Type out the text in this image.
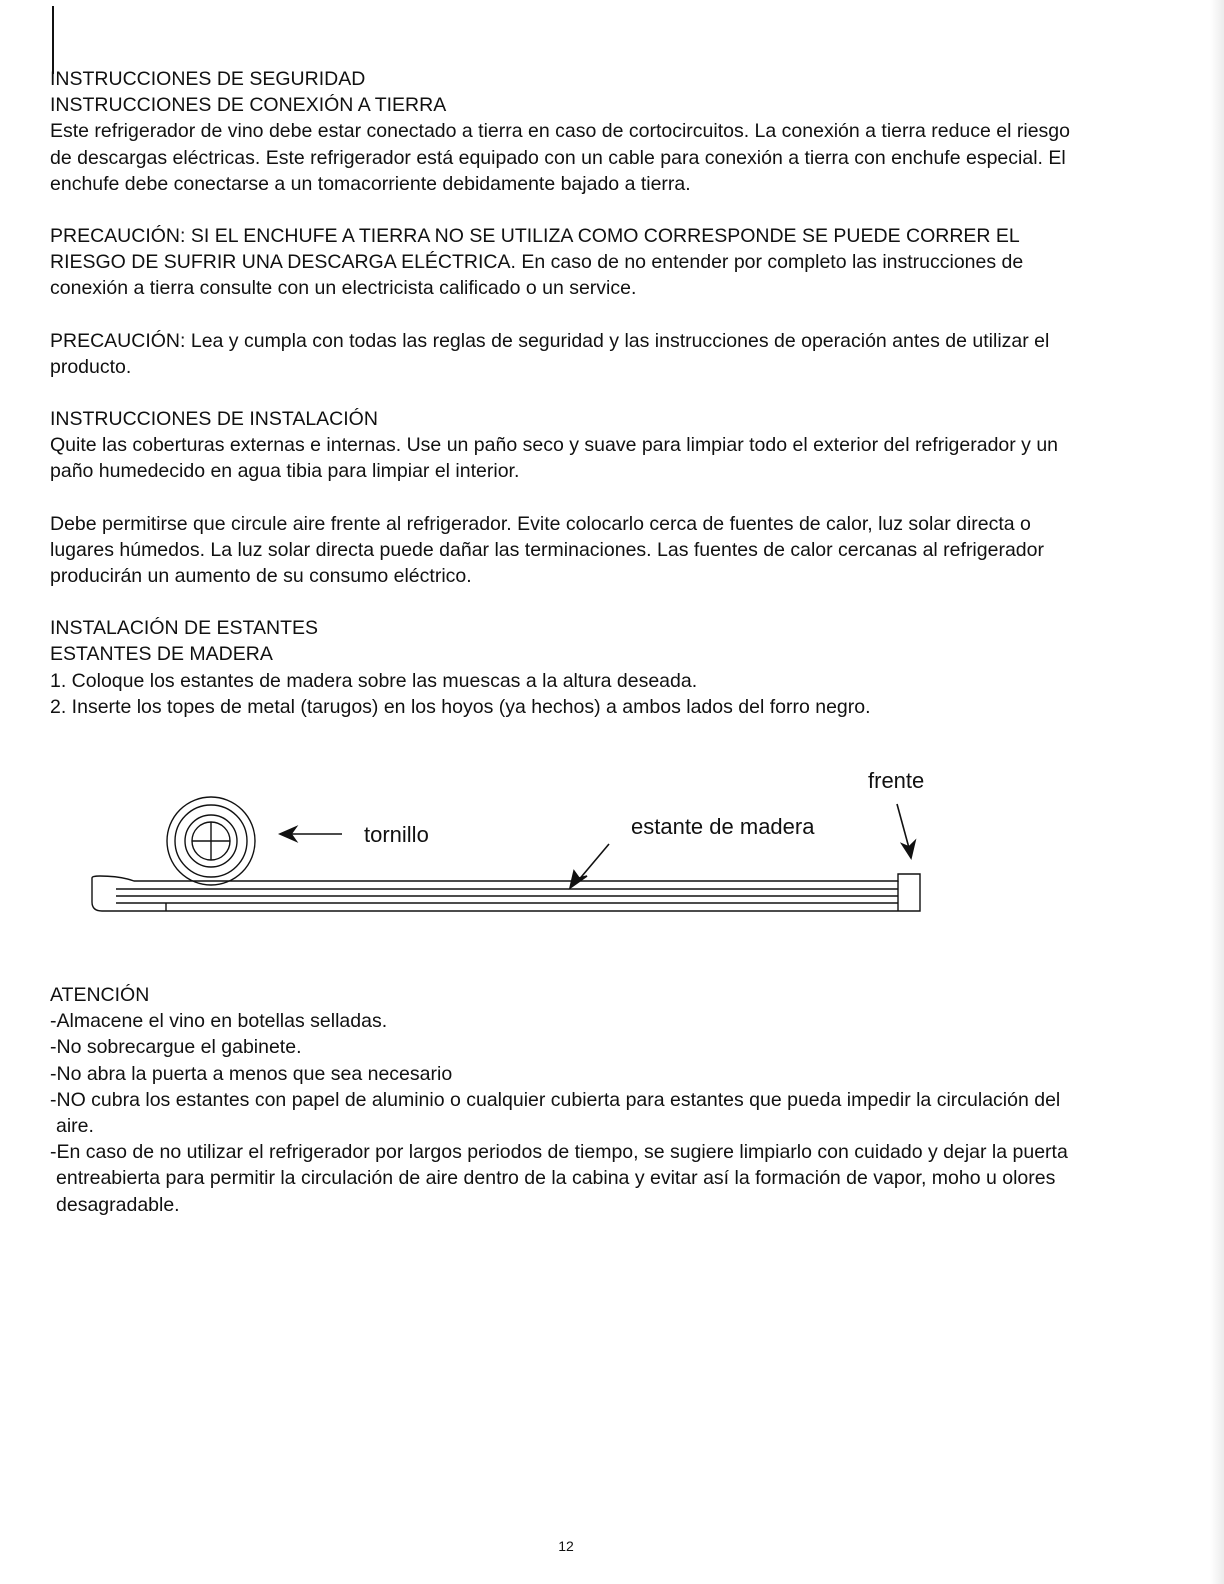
INSTRUCCIONES DE SEGURIDAD

INSTRUCCIONES DE CONEXIÓN A TIERRA

Este refrigerador de vino debe estar conectado a tierra en caso de cortocircuitos. La conexión a tierra reduce el riesgo de descargas eléctricas. Este refrigerador está equipado con un cable para conexión a tierra con enchufe especial. El enchufe debe conectarse a un tomacorriente debidamente bajado a tierra.

PRECAUCIÓN: SI EL ENCHUFE A TIERRA NO SE UTILIZA COMO CORRESPONDE SE PUEDE CORRER EL RIESGO DE SUFRIR UNA DESCARGA ELÉCTRICA. En caso de no entender por completo las instrucciones de conexión a tierra consulte con un electricista calificado o un service.

PRECAUCIÓN: Lea y cumpla con todas las reglas de seguridad y las instrucciones de operación antes de utilizar el producto.

INSTRUCCIONES DE INSTALACIÓN

Quite las coberturas externas e internas. Use un paño seco y suave para limpiar todo el exterior del refrigerador y un paño humedecido en agua tibia para limpiar el interior.

Debe permitirse que circule aire frente al refrigerador. Evite colocarlo cerca de fuentes de calor, luz solar directa o lugares húmedos. La luz solar directa puede dañar las terminaciones. Las fuentes de calor cercanas al refrigerador producirán un aumento de su consumo eléctrico.

INSTALACIÓN DE ESTANTES

ESTANTES DE MADERA

1. Coloque los estantes de madera sobre las muescas a la altura deseada.

2. Inserte los topes de metal (tarugos) en los hoyos (ya hechos) a ambos lados del forro negro.

tornillo	estante de madera
frente

ATENCIÓN

-Almacene el vino en botellas selladas.

-No sobrecargue el gabinete.

-No abra la puerta a menos que sea necesario

-NO cubra los estantes con papel de aluminio o cualquier cubierta para estantes que pueda impedir la circulación del aire.

-En caso de no utilizar el refrigerador por largos periodos de tiempo, se sugiere limpiarlo con cuidado y dejar la puerta entreabierta para permitir la circulación de aire dentro de la cabina y evitar así la formación de vapor, moho u olores desagradable.

12
